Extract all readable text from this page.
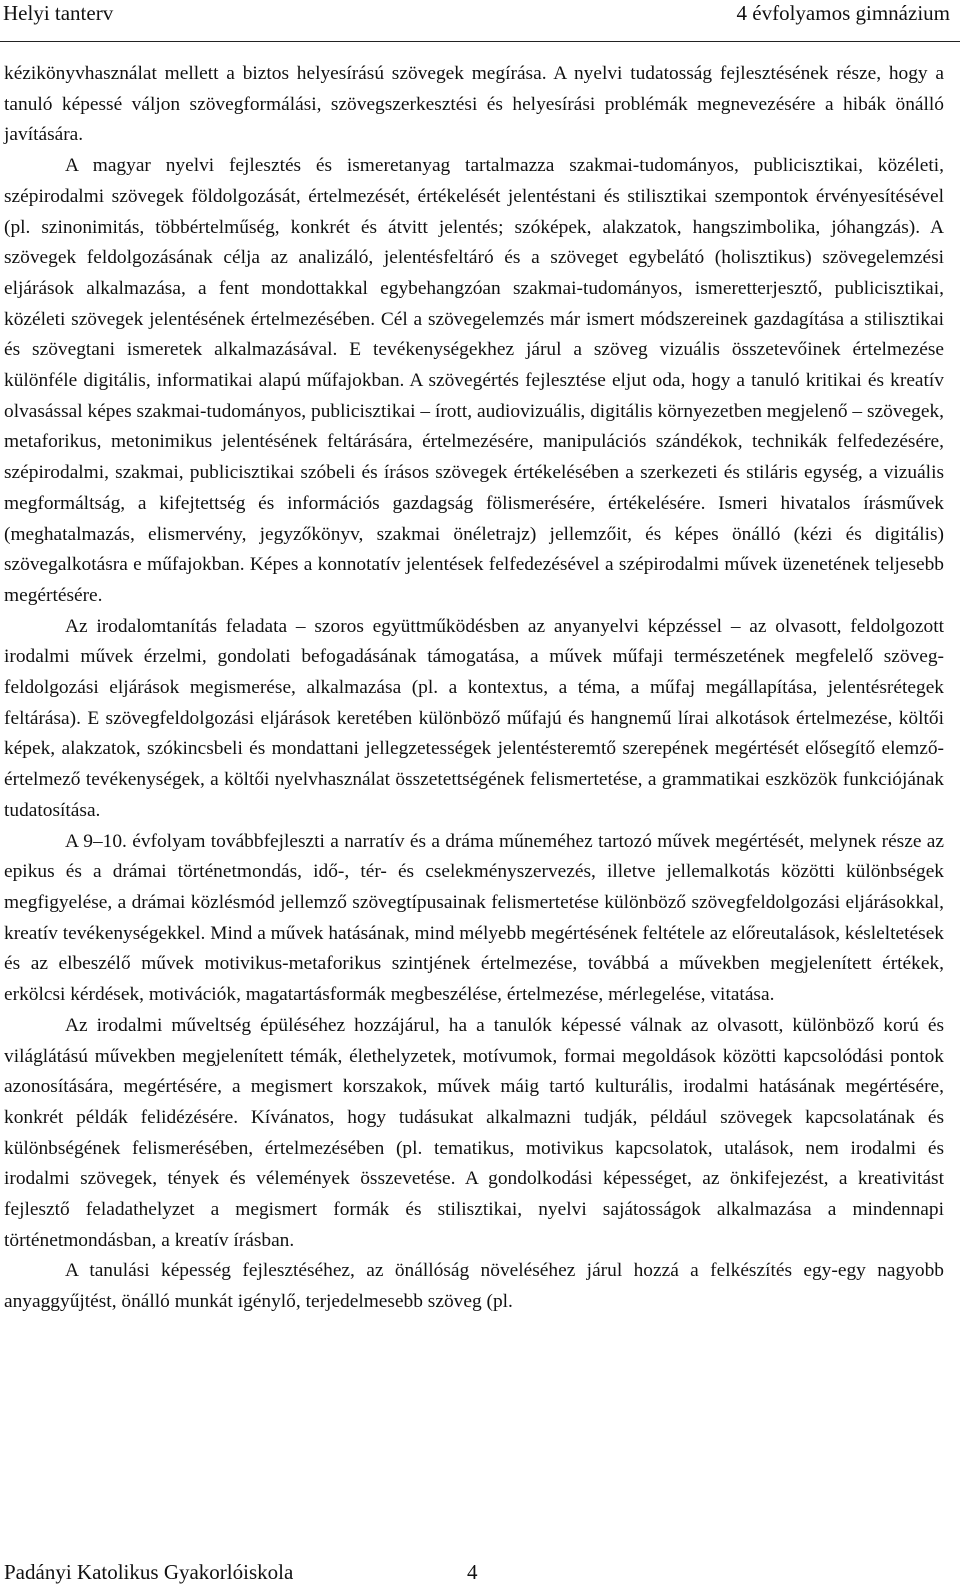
Helyi tanterv	4 évfolyamos gimnázium

kézikönyvhasználat mellett a biztos helyesírású szövegek megírása. A nyelvi tudatosság fejlesztésének része, hogy a tanuló képessé váljon szövegformálási, szövegszerkesztési és helyesírási problémák megnevezésére a hibák önálló javítására.

A magyar nyelvi fejlesztés és ismeretanyag tartalmazza szakmai-tudományos, publicisztikai, közéleti, szépirodalmi szövegek földolgozását, értelmezését, értékelését jelentéstani és stilisztikai szempontok érvényesítésével (pl. szinonimitás, többértelműség, konkrét és átvitt jelentés; szóképek, alakzatok, hangszimbolika, jóhangzás). A szövegek feldolgozásának célja az analizáló, jelentésfeltáró és a szöveget egybelátó (holisztikus) szövegelemzési eljárások alkalmazása, a fent mondottakkal egybehangzóan szakmai-tudományos, ismeretterjesztő, publicisztikai, közéleti szövegek jelentésének értelmezésében. Cél a szövegelemzés már ismert módszereinek gazdagítása a stilisztikai és szövegtani ismeretek alkalmazásával. E tevékenységekhez járul a szöveg vizuális összetevőinek értelmezése különféle digitális, informatikai alapú műfajokban. A szövegértés fejlesztése eljut oda, hogy a tanuló kritikai és kreatív olvasással képes szakmai-tudományos, publicisztikai – írott, audiovizuális, digitális környezetben megjelenő – szövegek, metaforikus, metonimikus jelentésének feltárására, értelmezésére, manipulációs szándékok, technikák felfedezésére, szépirodalmi, szakmai, publicisztikai szóbeli és írásos szövegek értékelésében a szerkezeti és stiláris egység, a vizuális megformáltság, a kifejtettség és információs gazdagság fölismerésére, értékelésére. Ismeri hivatalos írásművek (meghatalmazás, elismervény, jegyzőkönyv, szakmai önéletrajz) jellemzőit, és képes önálló (kézi és digitális) szövegalkotásra e műfajokban. Képes a konnotatív jelentések felfedezésével a szépirodalmi művek üzenetének teljesebb megértésére.

Az irodalomtanítás feladata – szoros együttműködésben az anyanyelvi képzéssel – az olvasott, feldolgozott irodalmi művek érzelmi, gondolati befogadásának támogatása, a művek műfaji természetének megfelelő szöveg-feldolgozási eljárások megismerése, alkalmazása (pl. a kontextus, a téma, a műfaj megállapítása, jelentésrétegek feltárása). E szövegfeldolgozási eljárások keretében különböző műfajú és hangnemű lírai alkotások értelmezése, költői képek, alakzatok, szókincsbeli és mondattani jellegzetességek jelentésteremtő szerepének megértését elősegítő elemző-értelmező tevékenységek, a költői nyelvhasználat összetettségének felismertetése, a grammatikai eszközök funkciójának tudatosítása.

A 9–10. évfolyam továbbfejleszti a narratív és a dráma műneméhez tartozó művek megértését, melynek része az epikus és a drámai történetmondás, idő-, tér- és cselekményszervezés, illetve jellemalkotás közötti különbségek megfigyelése, a drámai közlésmód jellemző szövegtípusainak felismertetése különböző szövegfeldolgozási eljárásokkal, kreatív tevékenységekkel. Mind a művek hatásának, mind mélyebb megértésének feltétele az előreutalások, késleltetések és az elbeszélő művek motivikus-metaforikus szintjének értelmezése, továbbá a művekben megjelenített értékek, erkölcsi kérdések, motivációk, magatartásformák megbeszélése, értelmezése, mérlegelése, vitatása.

Az irodalmi műveltség épüléséhez hozzájárul, ha a tanulók képessé válnak az olvasott, különböző korú és világlátású művekben megjelenített témák, élethelyzetek, motívumok, formai megoldások közötti kapcsolódási pontok azonosítására, megértésére, a megismert korszakok, művek máig tartó kulturális, irodalmi hatásának megértésére, konkrét példák felidézésére. Kívánatos, hogy tudásukat alkalmazni tudják, például szövegek kapcsolatának és különbségének felismerésében, értelmezésében (pl. tematikus, motivikus kapcsolatok, utalások, nem irodalmi és irodalmi szövegek, tények és vélemények összevetése. A gondolkodási képességet, az önkifejezést, a kreativitást fejlesztő feladathelyzet a megismert formák és stilisztikai, nyelvi sajátosságok alkalmazása a mindennapi történetmondásban, a kreatív írásban.

A tanulási képesség fejlesztéséhez, az önállóság növeléséhez járul hozzá a felkészítés egy-egy nagyobb anyaggyűjtést, önálló munkát igénylő, terjedelmesebb szöveg (pl.

Padányi Katolikus Gyakorlóiskola	4
